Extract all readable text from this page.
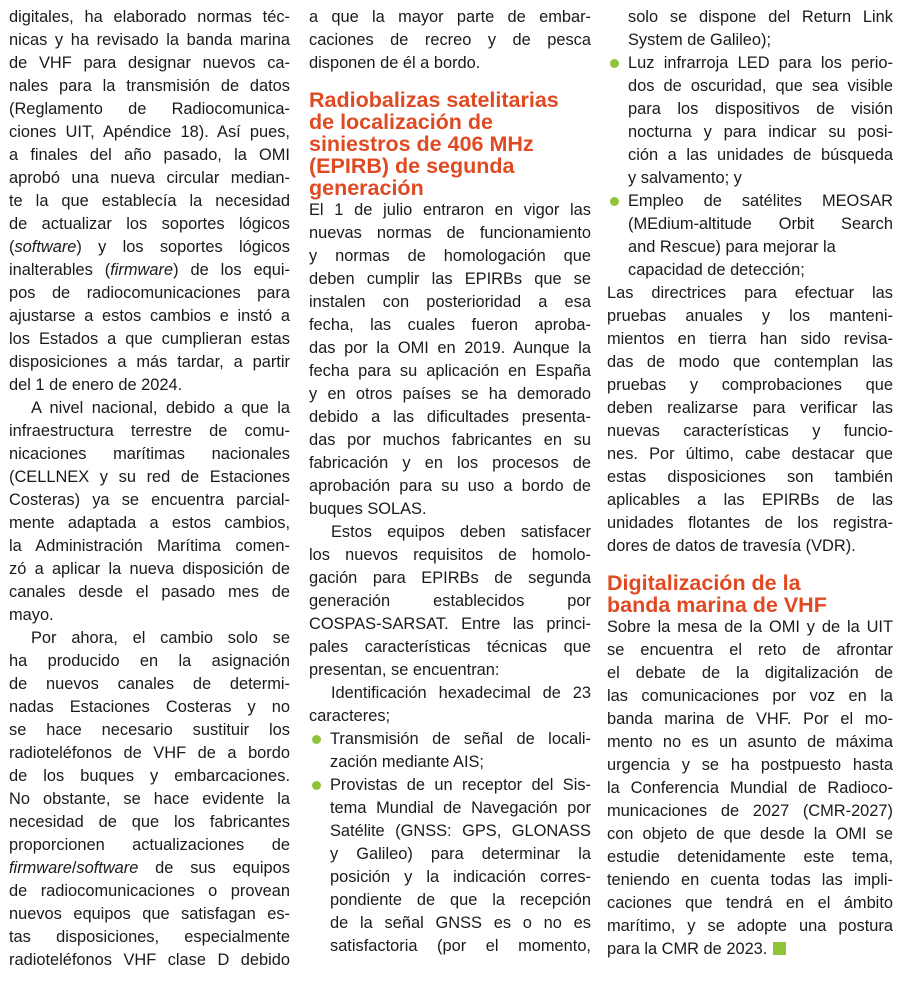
digitales, ha elaborado normas téc-
nicas y ha revisado la banda marina
de VHF para designar nuevos ca-
nales para la transmisión de datos
(Reglamento de Radiocomunica-
ciones UIT, Apéndice 18). Así pues,
a finales del año pasado, la OMI
aprobó una nueva circular median-
te la que establecía la necesidad
de actualizar los soportes lógicos
(software) y los soportes lógicos
inalterables (firmware) de los equi-
pos de radiocomunicaciones para
ajustarse a estos cambios e instó a
los Estados a que cumplieran estas
disposiciones a más tardar, a partir
del 1 de enero de 2024.
A nivel nacional, debido a que la
infraestructura terrestre de comu-
nicaciones marítimas nacionales
(CELLNEX y su red de Estaciones
Costeras) ya se encuentra parcial-
mente adaptada a estos cambios,
la Administración Marítima comen-
zó a aplicar la nueva disposición de
canales desde el pasado mes de
mayo.
Por ahora, el cambio solo se
ha producido en la asignación
de nuevos canales de determi-
nadas Estaciones Costeras y no
se hace necesario sustituir los
radioteléfonos de VHF de a bordo
de los buques y embarcaciones.
No obstante, se hace evidente la
necesidad de que los fabricantes
proporcionen actualizaciones de
firmware/software de sus equipos
de radiocomunicaciones o provean
nuevos equipos que satisfagan es-
tas disposiciones, especialmente
radioteléfonos VHF clase D debido
a que la mayor parte de embar-
caciones de recreo y de pesca
disponen de él a bordo.
Radiobalizas satelitarias
de localización de
siniestros de 406 MHz
(EPIRB) de segunda
generación
El 1 de julio entraron en vigor las
nuevas normas de funcionamiento
y normas de homologación que
deben cumplir las EPIRBs que se
instalen con posterioridad a esa
fecha, las cuales fueron aproba-
das por la OMI en 2019. Aunque la
fecha para su aplicación en España
y en otros países se ha demorado
debido a las dificultades presenta-
das por muchos fabricantes en su
fabricación y en los procesos de
aprobación para su uso a bordo de
buques SOLAS.
Estos equipos deben satisfacer
los nuevos requisitos de homolo-
gación para EPIRBs de segunda
generación establecidos por
COSPAS-SARSAT. Entre las princi-
pales características técnicas que
presentan, se encuentran:
Identificación hexadecimal de 23
caracteres;
Transmisión de señal de locali-
zación mediante AIS;
Provistas de un receptor del Sis-
tema Mundial de Navegación por
Satélite (GNSS: GPS, GLONASS
y Galileo) para determinar la
posición y la indicación corres-
pondiente de que la recepción
de la señal GNSS es o no es
satisfactoria (por el momento,
solo se dispone del Return Link
System de Galileo);
Luz infrarroja LED para los perio-
dos de oscuridad, que sea visible
para los dispositivos de visión
nocturna y para indicar su posi-
ción a las unidades de búsqueda
y salvamento; y
Empleo de satélites MEOSAR
(MEdium-altitude Orbit Search
and Rescue) para mejorar la
capacidad de detección;
Las directrices para efectuar las
pruebas anuales y los manteni-
mientos en tierra han sido revisa-
das de modo que contemplan las
pruebas y comprobaciones que
deben realizarse para verificar las
nuevas características y funcio-
nes. Por último, cabe destacar que
estas disposiciones son también
aplicables a las EPIRBs de las
unidades flotantes de los registra-
dores de datos de travesía (VDR).
Digitalización de la
banda marina de VHF
Sobre la mesa de la OMI y de la UIT
se encuentra el reto de afrontar
el debate de la digitalización de
las comunicaciones por voz en la
banda marina de VHF. Por el mo-
mento no es un asunto de máxima
urgencia y se ha postpuesto hasta
la Conferencia Mundial de Radioco-
municaciones de 2027 (CMR-2027)
con objeto de que desde la OMI se
estudie detenidamente este tema,
teniendo en cuenta todas las impli-
caciones que tendrá en el ámbito
marítimo, y se adopte una postura
para la CMR de 2023.
